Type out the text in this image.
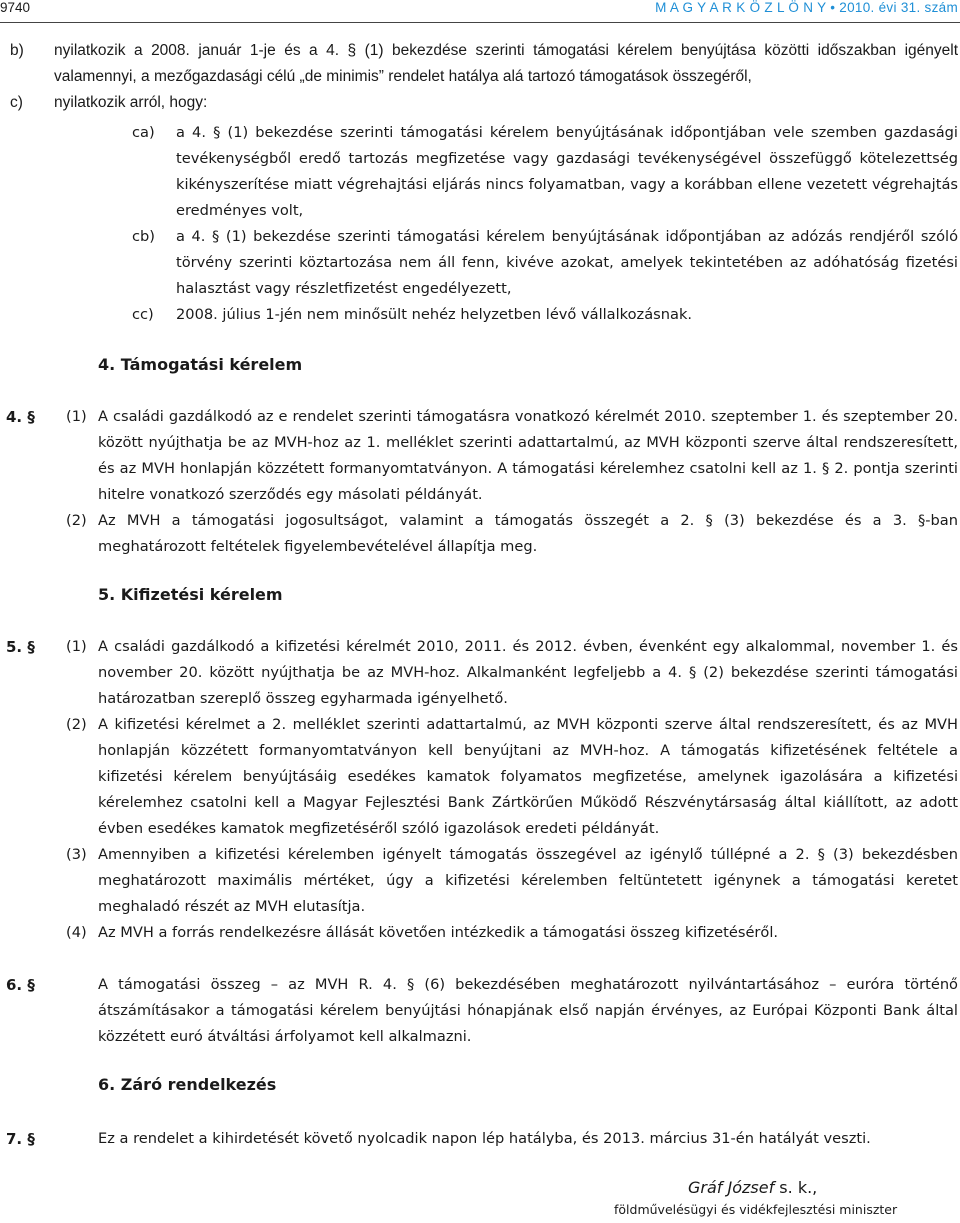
9740	M A G Y A R K Ö Z L Ö N Y • 2010. évi 31. szám
b) nyilatkozik a 2008. január 1-je és a 4. § (1) bekezdése szerinti támogatási kérelem benyújtása közötti időszakban igényelt valamennyi, a mezőgazdasági célú „de minimis” rendelet hatálya alá tartozó támogatások összegéről,
c) nyilatkozik arról, hogy:
ca) a 4. § (1) bekezdése szerinti támogatási kérelem benyújtásának időpontjában vele szemben gazdasági tevékenységből eredő tartozás megfizetése vagy gazdasági tevékenységével összefüggő kötelezettség kikényszerítése miatt végrehajtási eljárás nincs folyamatban, vagy a korábban ellene vezetett végrehajtás eredményes volt,
cb) a 4. § (1) bekezdése szerinti támogatási kérelem benyújtásának időpontjában az adózás rendjéről szóló törvény szerinti köztartozása nem áll fenn, kivéve azokat, amelyek tekintetében az adóhatóság fizetési halasztást vagy részletfizetést engedélyezett,
cc) 2008. július 1-jén nem minősült nehéz helyzetben lévő vállalkozásnak.
4. Támogatási kérelem
4. § (1) A családi gazdálkodó az e rendelet szerinti támogatásra vonatkozó kérelmét 2010. szeptember 1. és szeptember 20. között nyújthatja be az MVH-hoz az 1. melléklet szerinti adattartalmú, az MVH központi szerve által rendszeresített, és az MVH honlapján közzétett formanyomtatványon. A támogatási kérelemhez csatolni kell az 1. § 2. pontja szerinti hitelre vonatkozó szerződés egy másolati példányát.
(2) Az MVH a támogatási jogosultságot, valamint a támogatás összegét a 2. § (3) bekezdése és a 3. §-ban meghatározott feltételek figyelembevételével állapítja meg.
5. Kifizetési kérelem
5. § (1) A családi gazdálkodó a kifizetési kérelmét 2010, 2011. és 2012. évben, évenként egy alkalommal, november 1. és november 20. között nyújthatja be az MVH-hoz. Alkalmanként legfeljebb a 4. § (2) bekezdése szerinti támogatási határozatban szereplő összeg egyharmada igényelhető.
(2) A kifizetési kérelmet a 2. melléklet szerinti adattartalmú, az MVH központi szerve által rendszeresített, és az MVH honlapján közzétett formanyomtatványon kell benyújtani az MVH-hoz. A támogatás kifizetésének feltétele a kifizetési kérelem benyújtásáig esedékes kamatok folyamatos megfizetése, amelynek igazolására a kifizetési kérelemhez csatolni kell a Magyar Fejlesztési Bank Zártkörűen Működő Részvénytársaság által kiállított, az adott évben esedékes kamatok megfizetéséről szóló igazolások eredeti példányát.
(3) Amennyiben a kifizetési kérelemben igényelt támogatás összegével az igénylő túllépné a 2. § (3) bekezdésben meghatározott maximális mértéket, úgy a kifizetési kérelemben feltüntetett igénynek a támogatási keretet meghaladó részét az MVH elutasítja.
(4) Az MVH a forrás rendelkezésre állását követően intézkedik a támogatási összeg kifizetéséről.
6. §	A támogatási összeg – az MVH R. 4. § (6) bekezdésében meghatározott nyilvántartásához – euróra történő átszámításakor a támogatási kérelem benyújtási hónapjának első napján érvényes, az Európai Központi Bank által közzétett euró átváltási árfolyamot kell alkalmazni.
6. Záró rendelkezés
7. §	Ez a rendelet a kihirdetését követő nyolcadik napon lép hatályba, és 2013. március 31-én hatályát veszti.
Gráf József s. k.,
földművelésügyi és vidékfejlesztési miniszter
